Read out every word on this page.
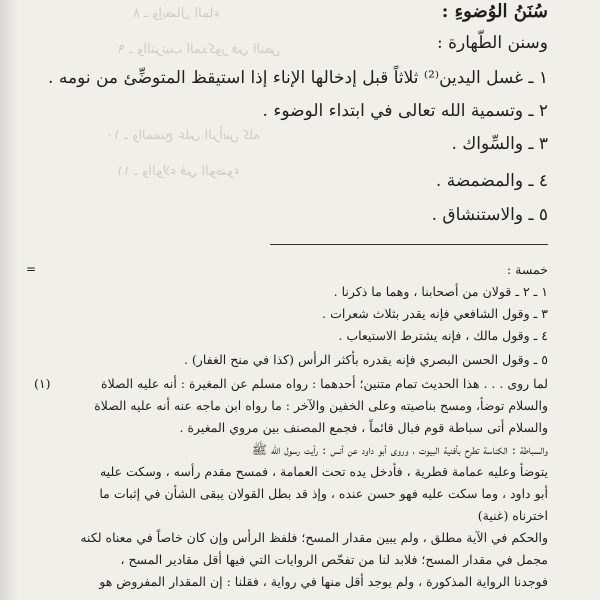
٨ ـ وإيصال الماء
٩ ـ والترتيب المذكور في النص
١٠ ـ والمسح على الرأس كله
١١ ـ والولاء في الوضوء
سُنَنُ الوُضوءِ :
وسنن الطّهارة :
١ ـ غسل اليدين⁽²⁾ ثلاثاً قبل إدخالها الإناء إذا استيقظ المتوضِّئ من نومه .
٢ ـ وتسمية الله تعالى في ابتداء الوضوء .
٣ ـ والسِّواك .
٤ ـ والمضمضة .
٥ ـ والاستنشاق .
=	خمسة :
١ ـ ٢ ـ قولان من أصحابنا ، وهما ما ذكرنا .
٣ ـ وقول الشافعي فإنه يقدر بثلاث شعرات .
٤ ـ وقول مالك ، فإنه يشترط الاستيعاب .
٥ ـ وقول الحسن البصري فإنه يقدره بأكثر الرأس (كذا في منح الغفار) .
(١)	لما روى . . . هذا الحديث تمام متنين؛ أحدهما : رواه مسلم عن المغيرة : أنه عليه الصلاة
والسلام توضأ، ومسح بناصيته وعلى الخفين والآخر : ما رواه ابن ماجه عنه أنه عليه الصلاة
والسلام أتى سباطة قوم فبال قائماً ، فجمع المصنف بين مروي المغيرة .
والسباطة : الكناسة تطرح بأفنية البيوت ، وروى أبو داود عن أنس : رأيت رسول الله ﷺ
يتوضأ وعليه عمامة قطرية ، فأدخل يده تحت العمامة ، فمسح مقدم رأسه ، وسكت عليه
أبو داود ، وما سكت عليه فهو حسن عنده ، وإذ قد بطل القولان يبقى الشأن في إثبات ما
اخترناه (غنية)
والحكم في الآية مطلق ، ولم يبين مقدار المسح؛ فلفظ الرأس وإن كان خاصاً في معناه لكنه
مجمل في مقدار المسح؛ فلابد لنا من تفحّص الروايات التي فيها أقل مقادير المسح ،
فوجدنا الرواية المذكورة ، ولم يوجد أقل منها في رواية ، فقلنا : إن المقدار المفروض هو
